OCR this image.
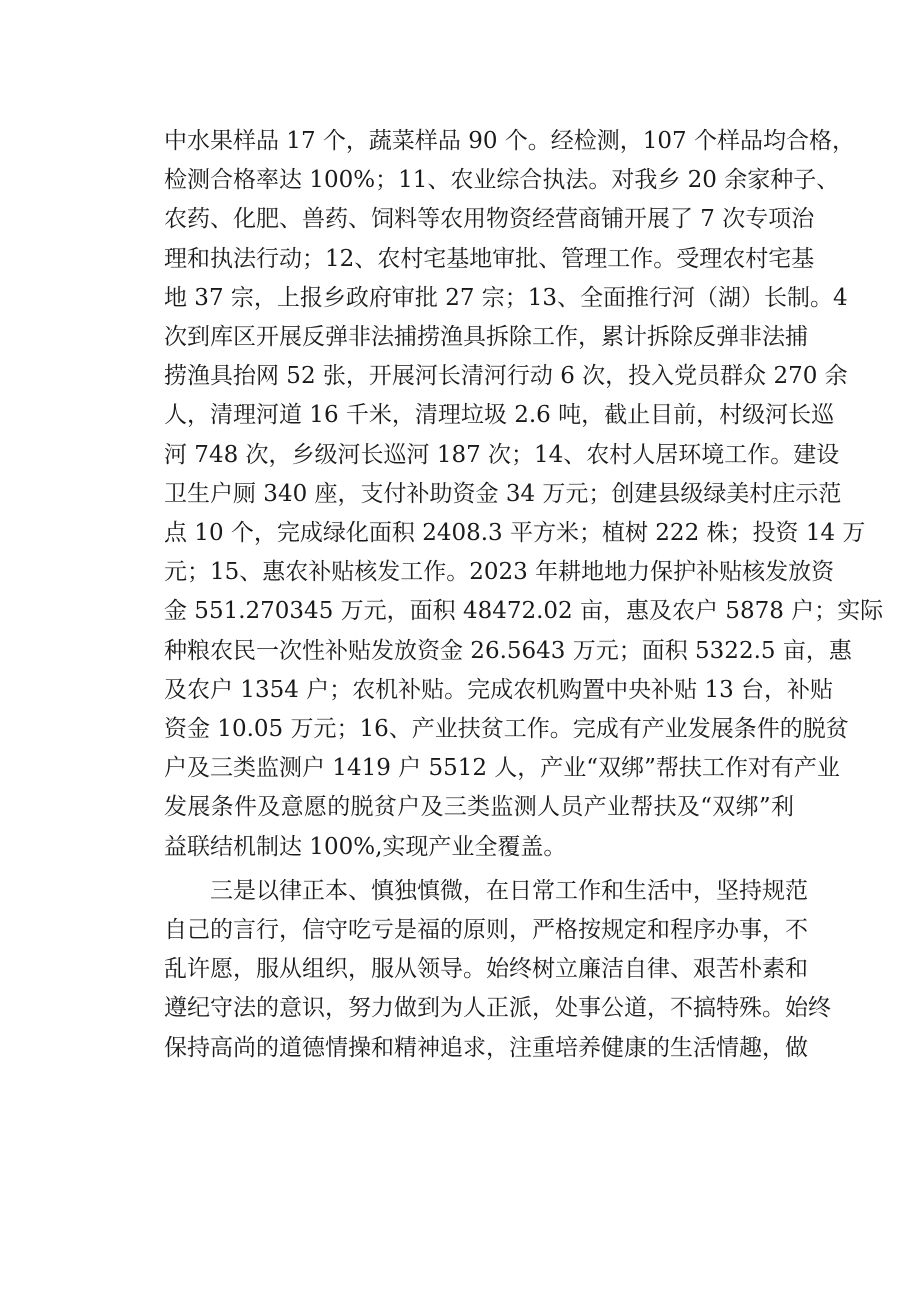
中水果样品 17 个，蔬菜样品 90 个。经检测，107 个样品均合格，
检测合格率达 100%；11、农业综合执法。对我乡 20 余家种子、
农药、化肥、兽药、饲料等农用物资经营商铺开展了 7 次专项治
理和执法行动；12、农村宅基地审批、管理工作。受理农村宅基
地 37 宗，上报乡政府审批 27 宗；13、全面推行河（湖）长制。4
次到库区开展反弹非法捕捞渔具拆除工作，累计拆除反弹非法捕
捞渔具抬网 52 张，开展河长清河行动 6 次，投入党员群众 270 余
人，清理河道 16 千米，清理垃圾 2.6 吨，截止目前，村级河长巡
河 748 次，乡级河长巡河 187 次；14、农村人居环境工作。建设
卫生户厕 340 座，支付补助资金 34 万元；创建县级绿美村庄示范
点 10 个，完成绿化面积 2408.3 平方米；植树 222 株；投资 14 万
元；15、惠农补贴核发工作。2023 年耕地地力保护补贴核发放资
金 551.270345 万元，面积 48472.02 亩，惠及农户 5878 户；实际
种粮农民一次性补贴发放资金 26.5643 万元；面积 5322.5 亩，惠
及农户 1354 户；农机补贴。完成农机购置中央补贴 13 台，补贴
资金 10.05 万元；16、产业扶贫工作。完成有产业发展条件的脱贫
户及三类监测户 1419 户 5512 人，产业“双绑”帮扶工作对有产业
发展条件及意愿的脱贫户及三类监测人员产业帮扶及“双绑”利
益联结机制达 100%,实现产业全覆盖。
三是以律正本、慎独慎微，在日常工作和生活中，坚持规范
自己的言行，信守吃亏是福的原则，严格按规定和程序办事，不
乱许愿，服从组织，服从领导。始终树立廉洁自律、艰苦朴素和
遵纪守法的意识，努力做到为人正派，处事公道，不搞特殊。始终
保持高尚的道德情操和精神追求，注重培养健康的生活情趣，做
